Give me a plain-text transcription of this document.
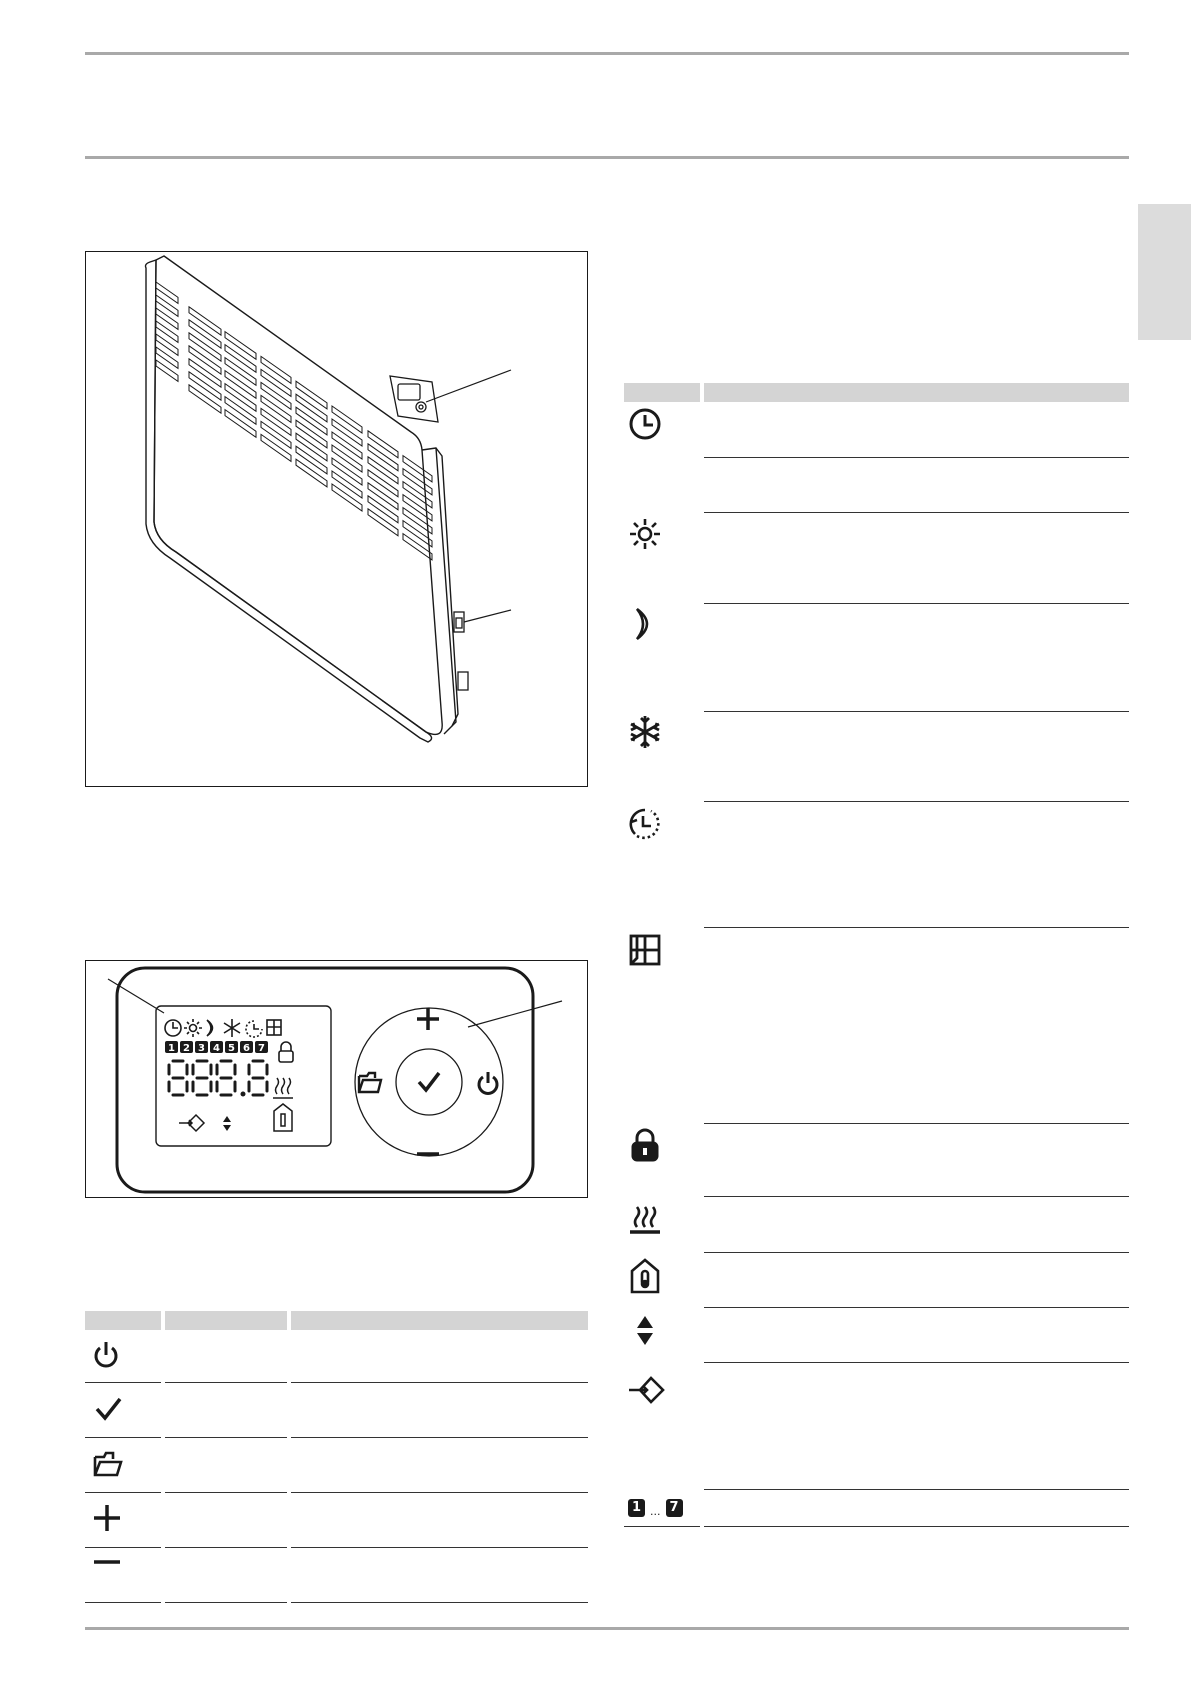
1 2 3 4 5 6 7
1 ... 7
